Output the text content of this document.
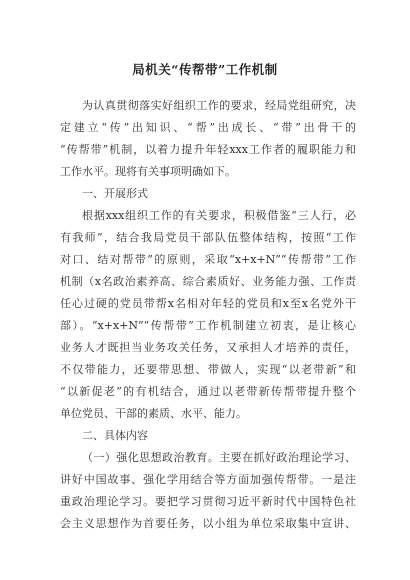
局机关“传帮带”工作机制
为认真贯彻落实好组织工作的要求，经局党组研究，决
定建立“传”出知识、“帮”出成长、“带”出骨干的
“传帮带”机制，以着力提升年轻xxx工作者的履职能力和
工作水平。现将有关事项明确如下。
一、开展形式
根据xxx组织工作的有关要求，积极借鉴“三人行，必
有我师”，结合我局党员干部队伍整体结构，按照“工作
对口、结对帮带”的原则，采取“x+x+N”“传帮带”工作
机制（x名政治素养高、综合素质好、业务能力强、工作责
任心过硬的党员带帮x名相对年轻的党员和x至x名党外干
部）。“x+x+N”“传帮带”工作机制建立初衷，是让核心
业务人才既担当业务攻关任务，又承担人才培养的责任，
不仅带能力，还要带思想、带做人，实现“以老带新”和
“以新促老”的有机结合，通过以老带新传帮带提升整个
单位党员、干部的素质、水平、能力。
二、具体内容
（一）强化思想政治教育。主要在抓好政治理论学习、
讲好中国故事、强化学用结合等方面加强传帮带。一是注
重政治理论学习。要把学习贯彻习近平新时代中国特色社
会主义思想作为首要任务，以小组为单位采取集中宣讲、
